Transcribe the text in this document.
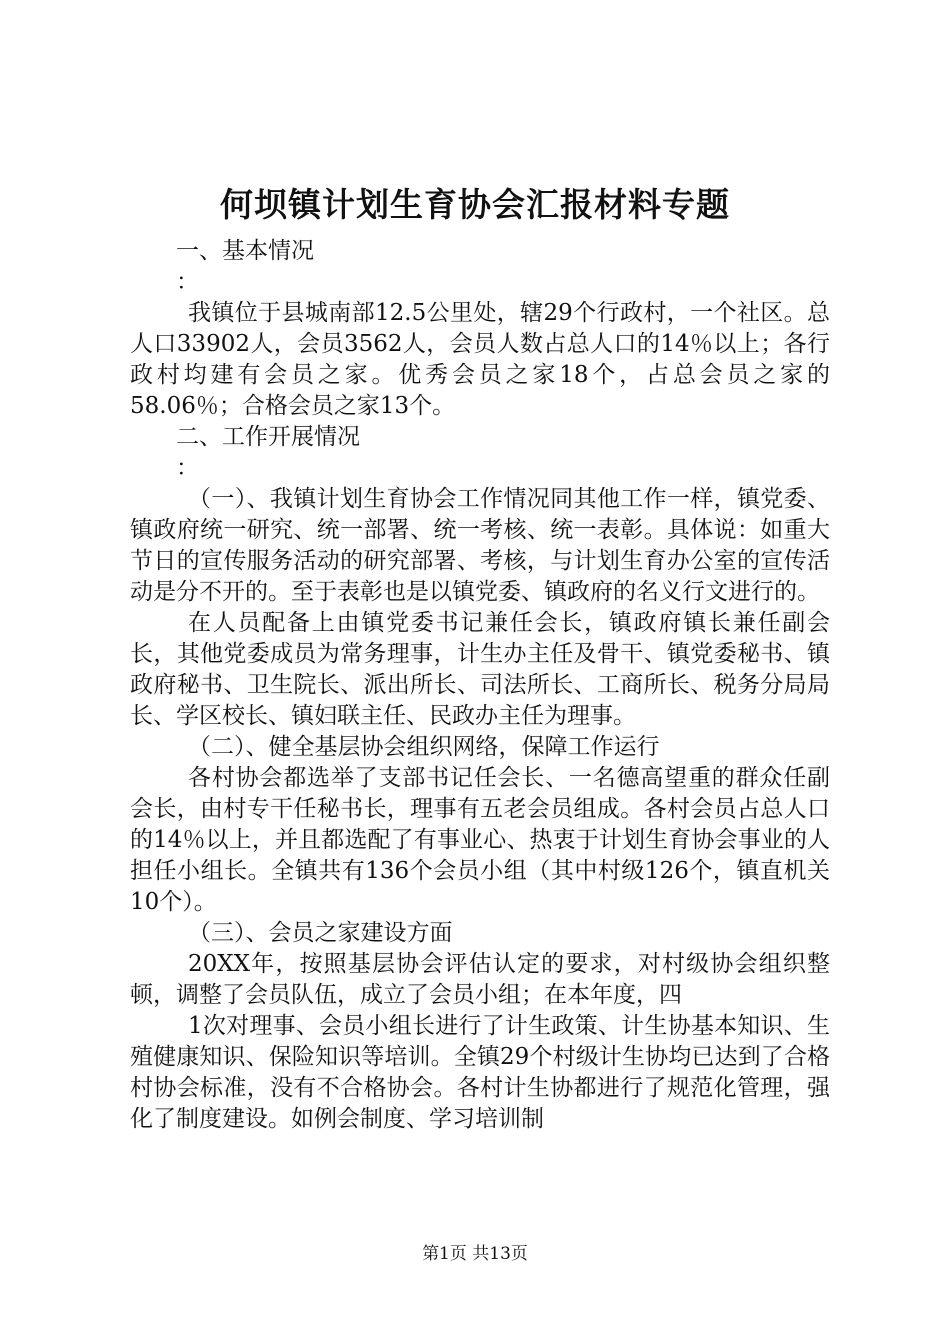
何坝镇计划生育协会汇报材料专题

一、基本情况

：

我镇位于县城南部12.5公里处，辖29个行政村，一个社区。总人口33902人，会员3562人，会员人数占总人口的14％以上；各行政村均建有会员之家。优秀会员之家18个，占总会员之家的58.06％；合格会员之家13个。

二、工作开展情况

：

（一）、我镇计划生育协会工作情况同其他工作一样，镇党委、镇政府统一研究、统一部署、统一考核、统一表彰。具体说：如重大节日的宣传服务活动的研究部署、考核，与计划生育办公室的宣传活动是分不开的。至于表彰也是以镇党委、镇政府的名义行文进行的。

在人员配备上由镇党委书记兼任会长，镇政府镇长兼任副会长，其他党委成员为常务理事，计生办主任及骨干、镇党委秘书、镇政府秘书、卫生院长、派出所长、司法所长、工商所长、税务分局局长、学区校长、镇妇联主任、民政办主任为理事。

（二）、健全基层协会组织网络，保障工作运行

各村协会都选举了支部书记任会长、一名德高望重的群众任副会长，由村专干任秘书长，理事有五老会员组成。各村会员占总人口的14％以上，并且都选配了有事业心、热衷于计划生育协会事业的人担任小组长。全镇共有136个会员小组（其中村级126个，镇直机关10个）。

（三）、会员之家建设方面

20XX年，按照基层协会评估认定的要求，对村级协会组织整顿，调整了会员队伍，成立了会员小组；在本年度，四

1次对理事、会员小组长进行了计生政策、计生协基本知识、生殖健康知识、保险知识等培训。全镇29个村级计生协均已达到了合格村协会标准，没有不合格协会。各村计生协都进行了规范化管理，强化了制度建设。如例会制度、学习培训制

第1页 共13页
